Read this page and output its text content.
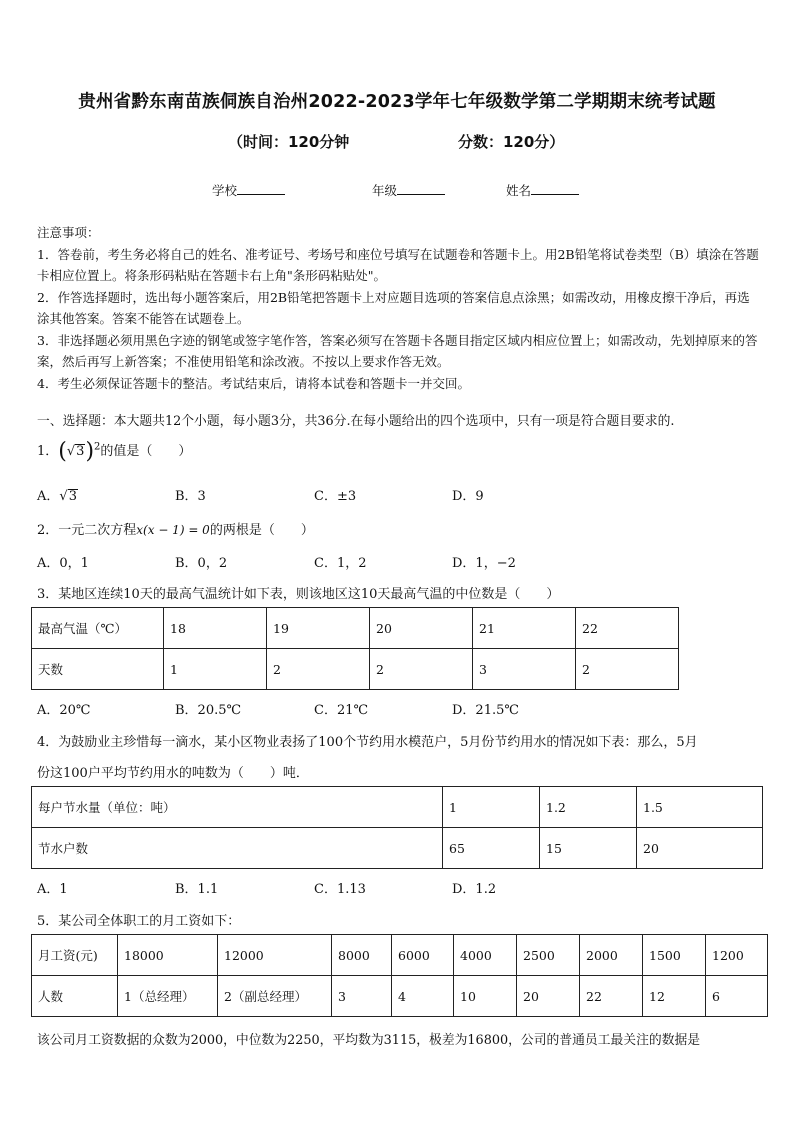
贵州省黔东南苗族侗族自治州2022-2023学年七年级数学第二学期期末统考试题
（时间：120分钟	分数：120分）
学校	年级	姓名
注意事项：
1．答卷前，考生务必将自己的姓名、准考证号、考场号和座位号填写在试题卷和答题卡上。用2B铅笔将试卷类型（B）填涂在答题卡相应位置上。将条形码粘贴在答题卡右上角"条形码粘贴处"。
2．作答选择题时，选出每小题答案后，用2B铅笔把答题卡上对应题目选项的答案信息点涂黑；如需改动，用橡皮擦干净后，再选涂其他答案。答案不能答在试题卷上。
3．非选择题必须用黑色字迹的钢笔或签字笔作答，答案必须写在答题卡各题目指定区域内相应位置上；如需改动，先划掉原来的答案，然后再写上新答案；不准使用铅笔和涂改液。不按以上要求作答无效。
4．考生必须保证答题卡的整洁。考试结束后，请将本试卷和答题卡一并交回。
一、选择题：本大题共12个小题，每小题3分，共36分.在每小题给出的四个选项中，只有一项是符合题目要求的.
1．$(√3)^2$的值是（　　）
A．√3	B．3	C．±3	D．9
2．一元二次方程x(x − 1) = 0的两根是（　　）
A．0，1	B．0，2	C．1，2	D．1，−2
3．某地区连续10天的最高气温统计如下表，则该地区这10天最高气温的中位数是（　　）
最高气温（℃）	18	19	20	21	22
天数	1	2	2	3	2
A．20℃	B．20.5℃	C．21℃	D．21.5℃
4．为鼓励业主珍惜每一滴水，某小区物业表扬了100个节约用水模范户，5月份节约用水的情况如下表：那么，5月
份这100户平均节约用水的吨数为（　　）吨．
每户节水量（单位：吨）	1	1.2	1.5
节水户数	65	15	20
A．1	B．1.1	C．1.13	D．1.2
5．某公司全体职工的月工资如下：
月工资(元)	18000	12000	8000	6000	4000	2500	2000	1500	1200
人数	1（总经理）	2（副总经理）	3	4	10	20	22	12	6
该公司月工资数据的众数为2000，中位数为2250，平均数为3115，极差为16800，公司的普通员工最关注的数据是
